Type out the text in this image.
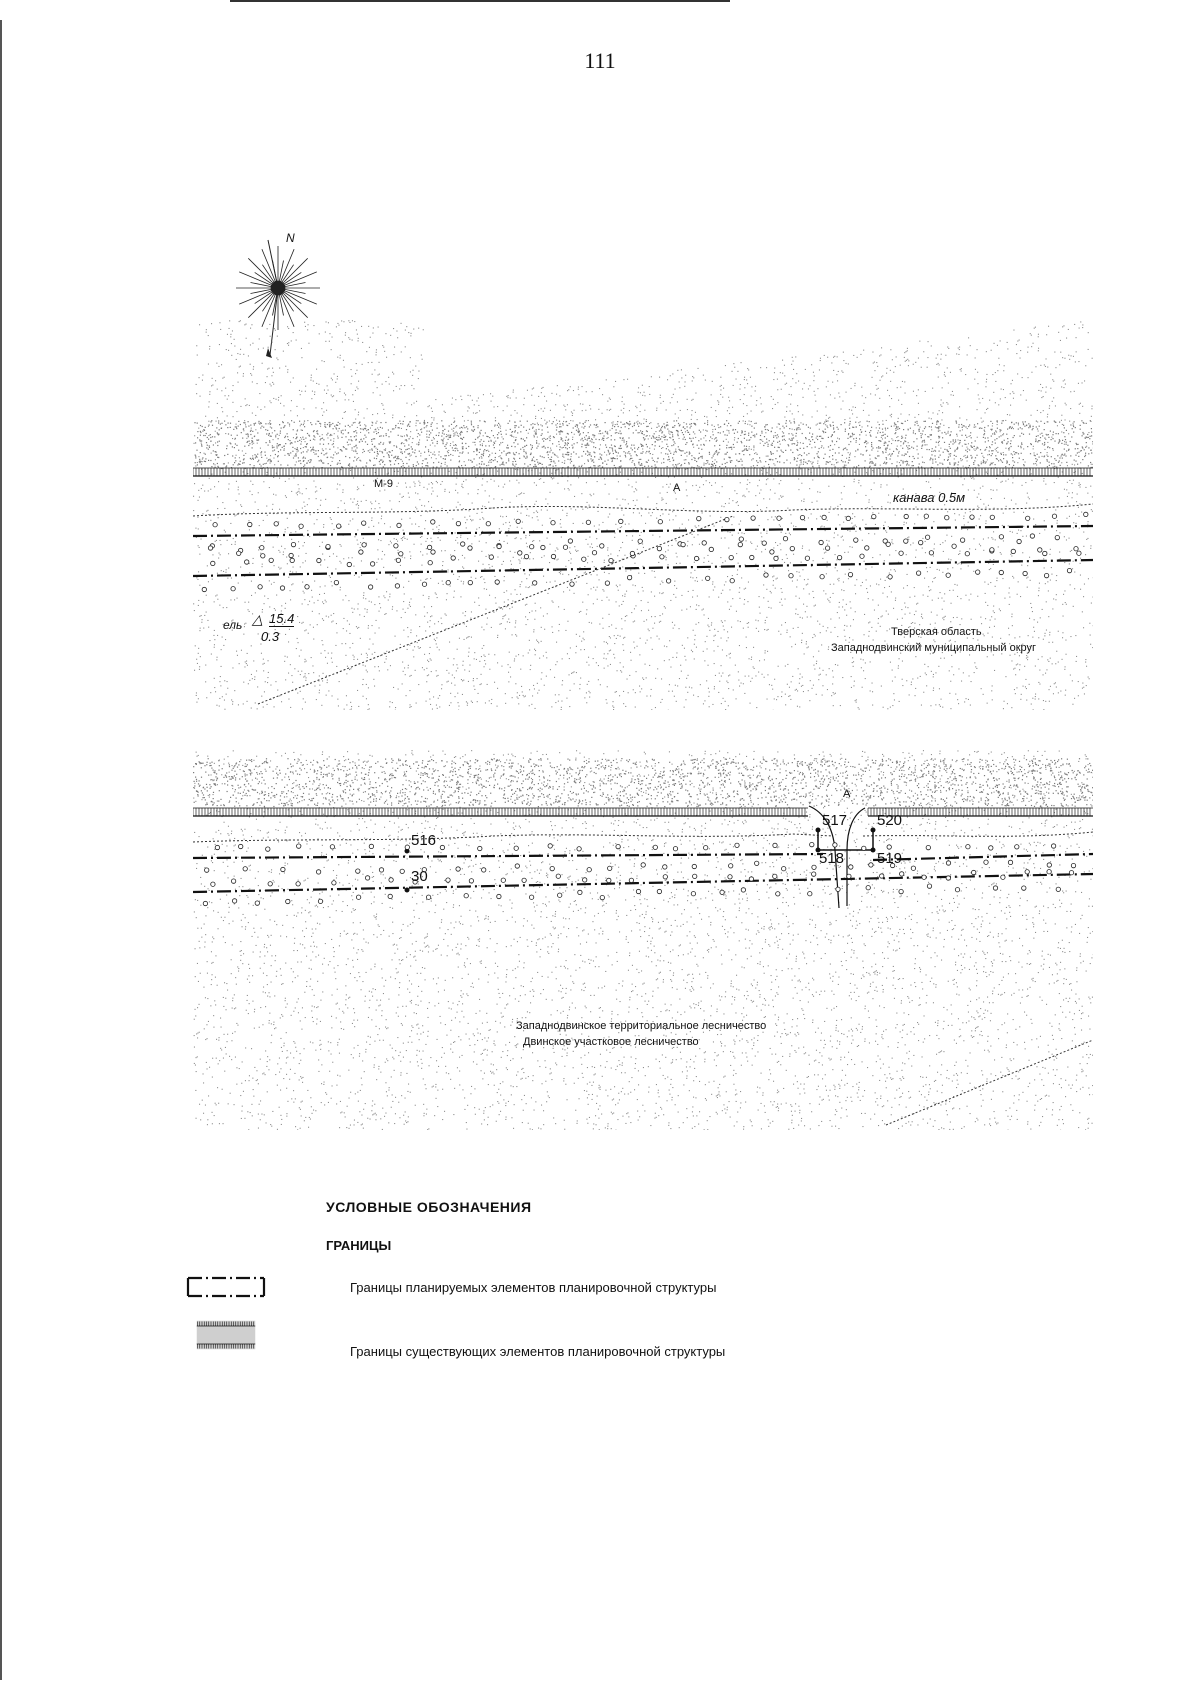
111
N
M-9	A
канава 0.5м
ель △ 15.4
0.3	Тверская область
Западнодвинский муниципальный округ
A
516
30
517
518 519
520
Западнодвинское территориальное лесничество
Двинское участковое лесничество
УСЛОВНЫЕ ОБОЗНАЧЕНИЯ
ГРАНИЦЫ
Границы планируемых элементов планировочной структуры
Границы существующих элементов планировочной структуры
